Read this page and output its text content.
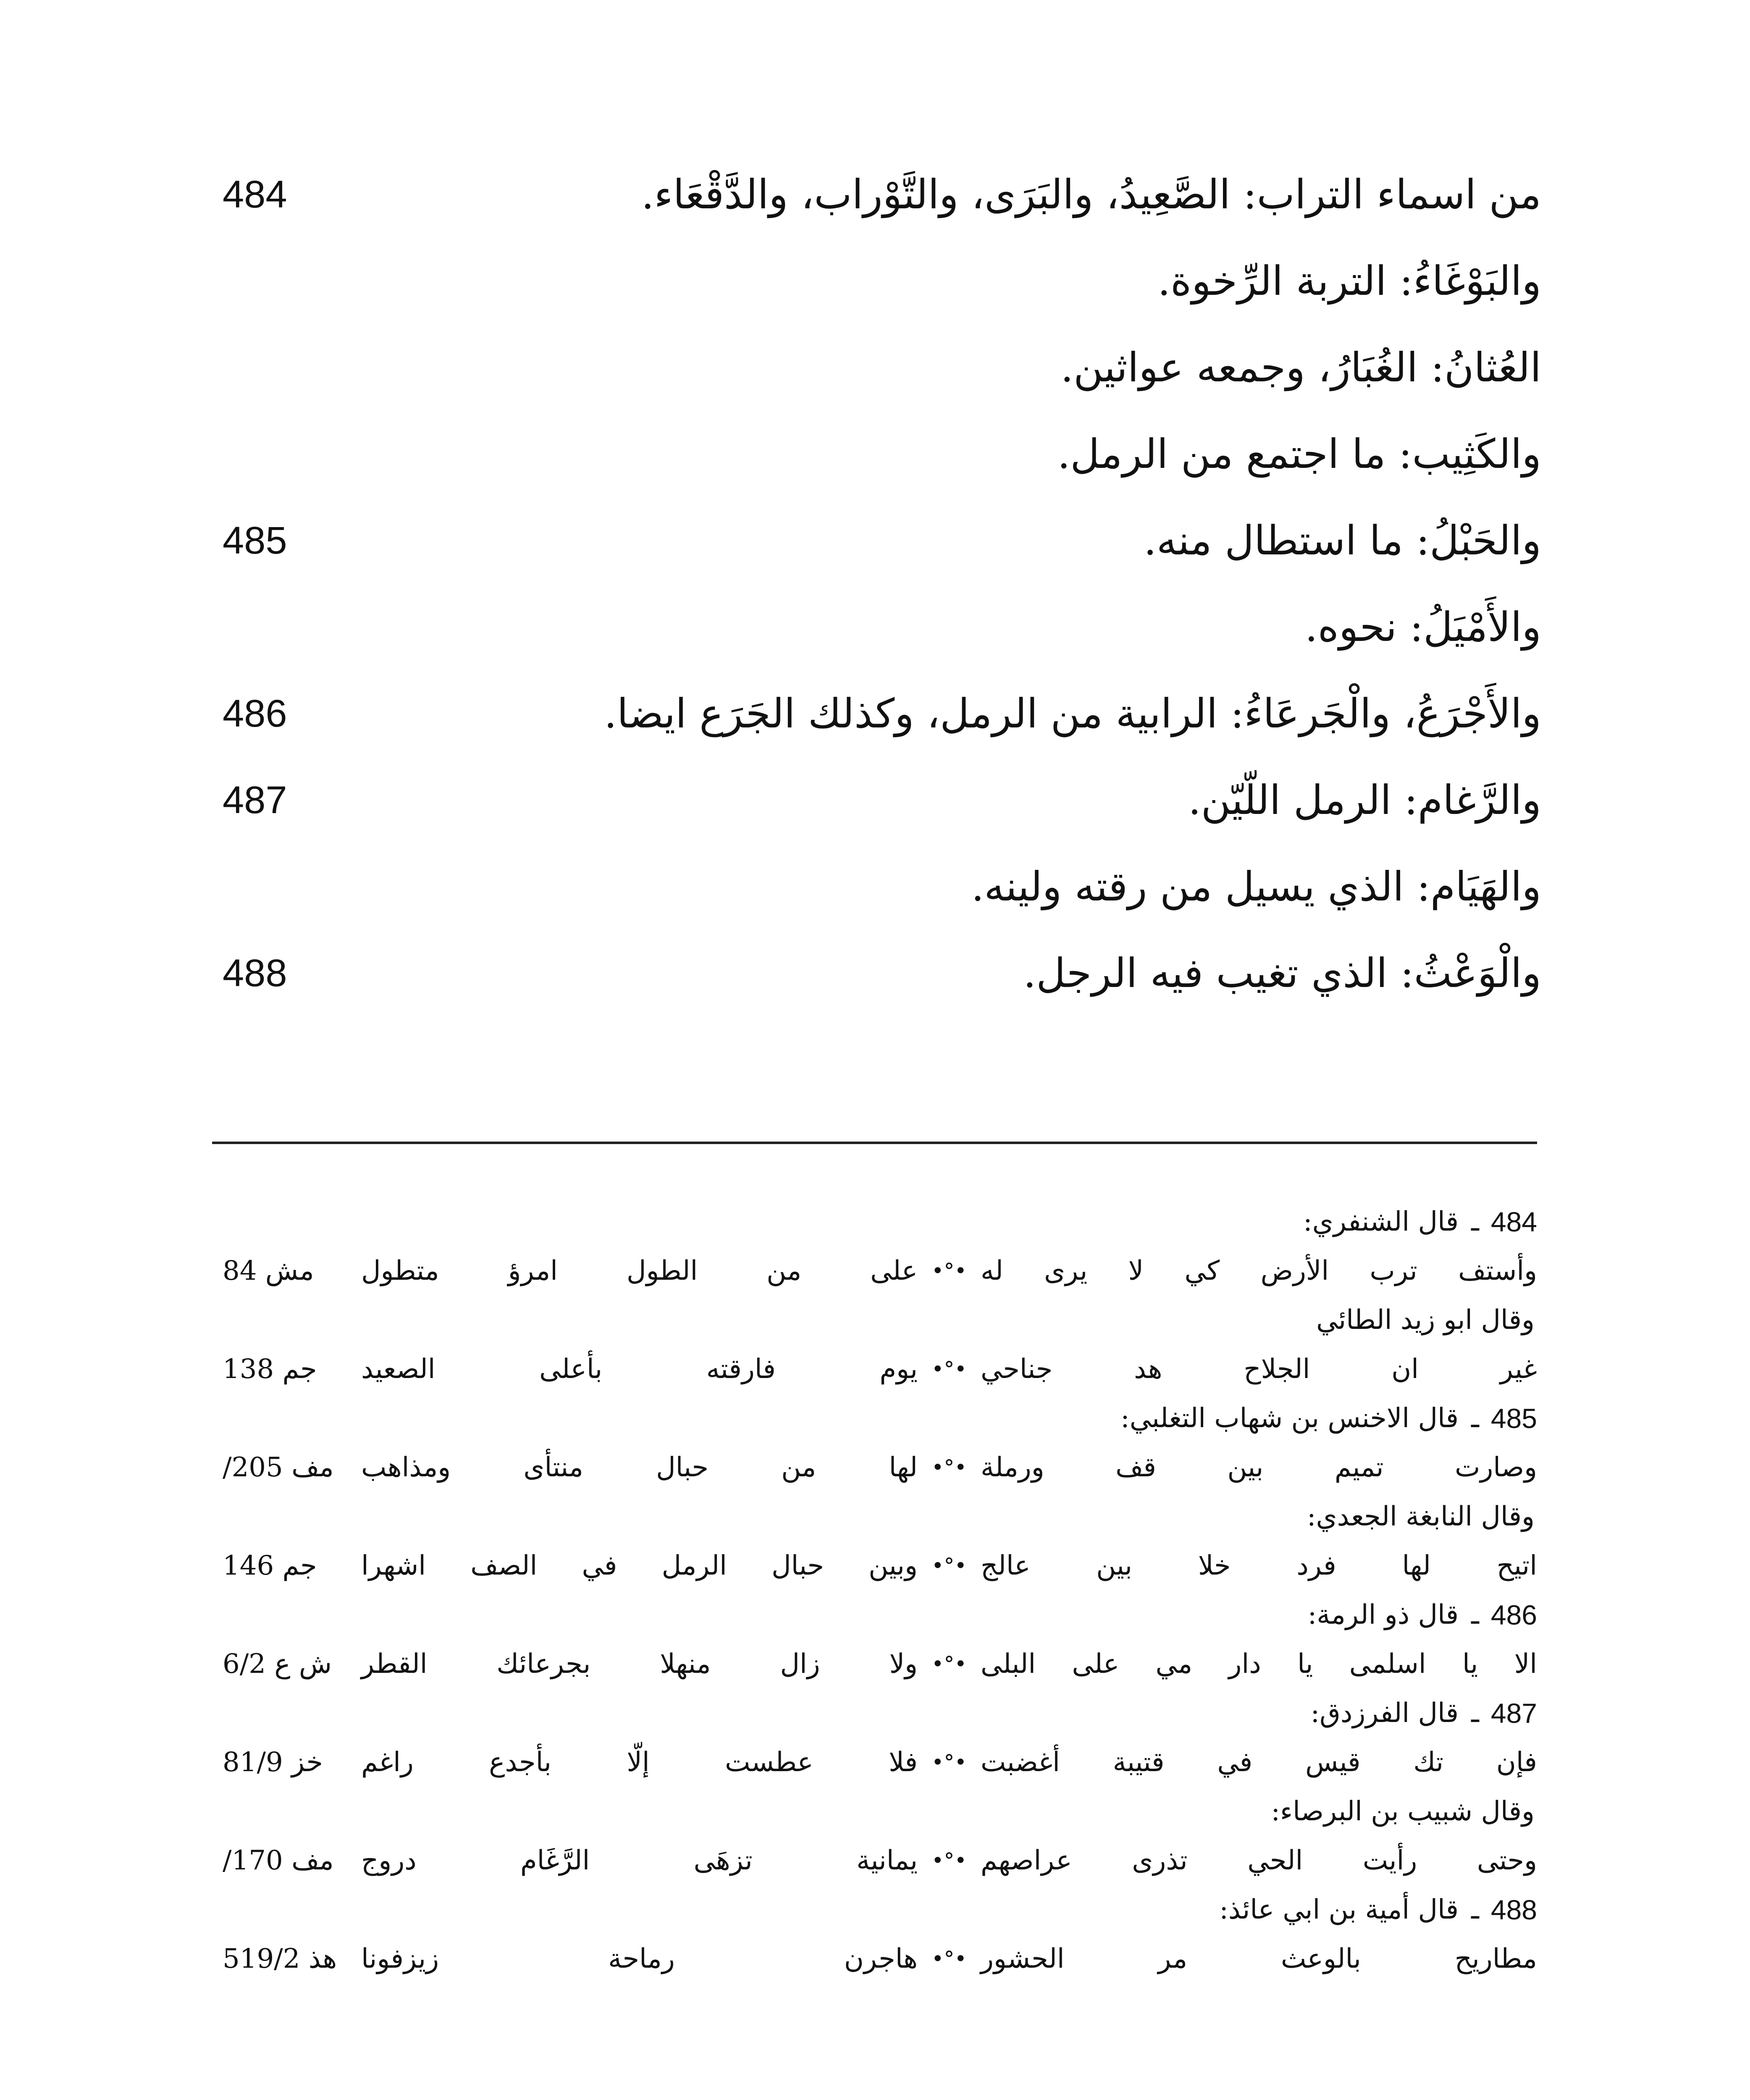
484	من اسماء التراب: الصَّعِيدُ، والبَرَى، والتَّوْراب، والدَّقْعَاء.
والبَوْغَاءُ: التربة الرِّخوة.
العُثانُ: الغُبَارُ، وجمعه عواثين.
والكَثِيب: ما اجتمع من الرمل.
485	والحَبْلُ: ما استطال منه.
والأَمْيَلُ: نحوه.
486	والأَجْرَعُ، والْجَرعَاءُ: الرابية من الرمل، وكذلك الجَرَع ايضا.
487	والرَّغام: الرمل اللّيّن.
والهَيَام: الذي يسيل من رقته ولينه.
488	والْوَعْثُ: الذي تغيب فيه الرجل.
484
ـ
قال الشنفري:
مش 84	وأستف ترب الأرض كي لا يرى له
•°•
على من الطول امرؤ متطول
وقال ابو زيد الطائي
جم 138	غير ان الجلاح هد جناحي
•°•
يوم فارقته بأعلى الصعيد
485
ـ
قال الاخنس بن شهاب التغلبي:
مف 205/	وصارت تميم بين قف ورملة
•°•
لها من حبال منتأى ومذاهب
وقال النابغة الجعدي:
جم 146	اتيح لها فرد خلا بين عالج
•°•
وبين حبال الرمل في الصف اشهرا
486
ـ
قال ذو الرمة:
ش ع 6/2	الا يا اسلمى يا دار مي على البلى
•°•
ولا زال منهلا بجرعائك القطر
487
ـ
قال الفرزدق:
خز 81/9	فإن تك قيس في قتيبة أغضبت
•°•
فلا عطست إلّا بأجدع راغم
وقال شبيب بن البرصاء:
مف 170/	وحتى رأيت الحي تذرى عراصهم
•°•
يمانية تزهَى الرَّغَام دروج
488
ـ
قال أمية بن ابي عائذ:
هذ 519/2	مطاريح بالوعث مر الحشور
•°•
هاجرن رماحة زيزفونا
